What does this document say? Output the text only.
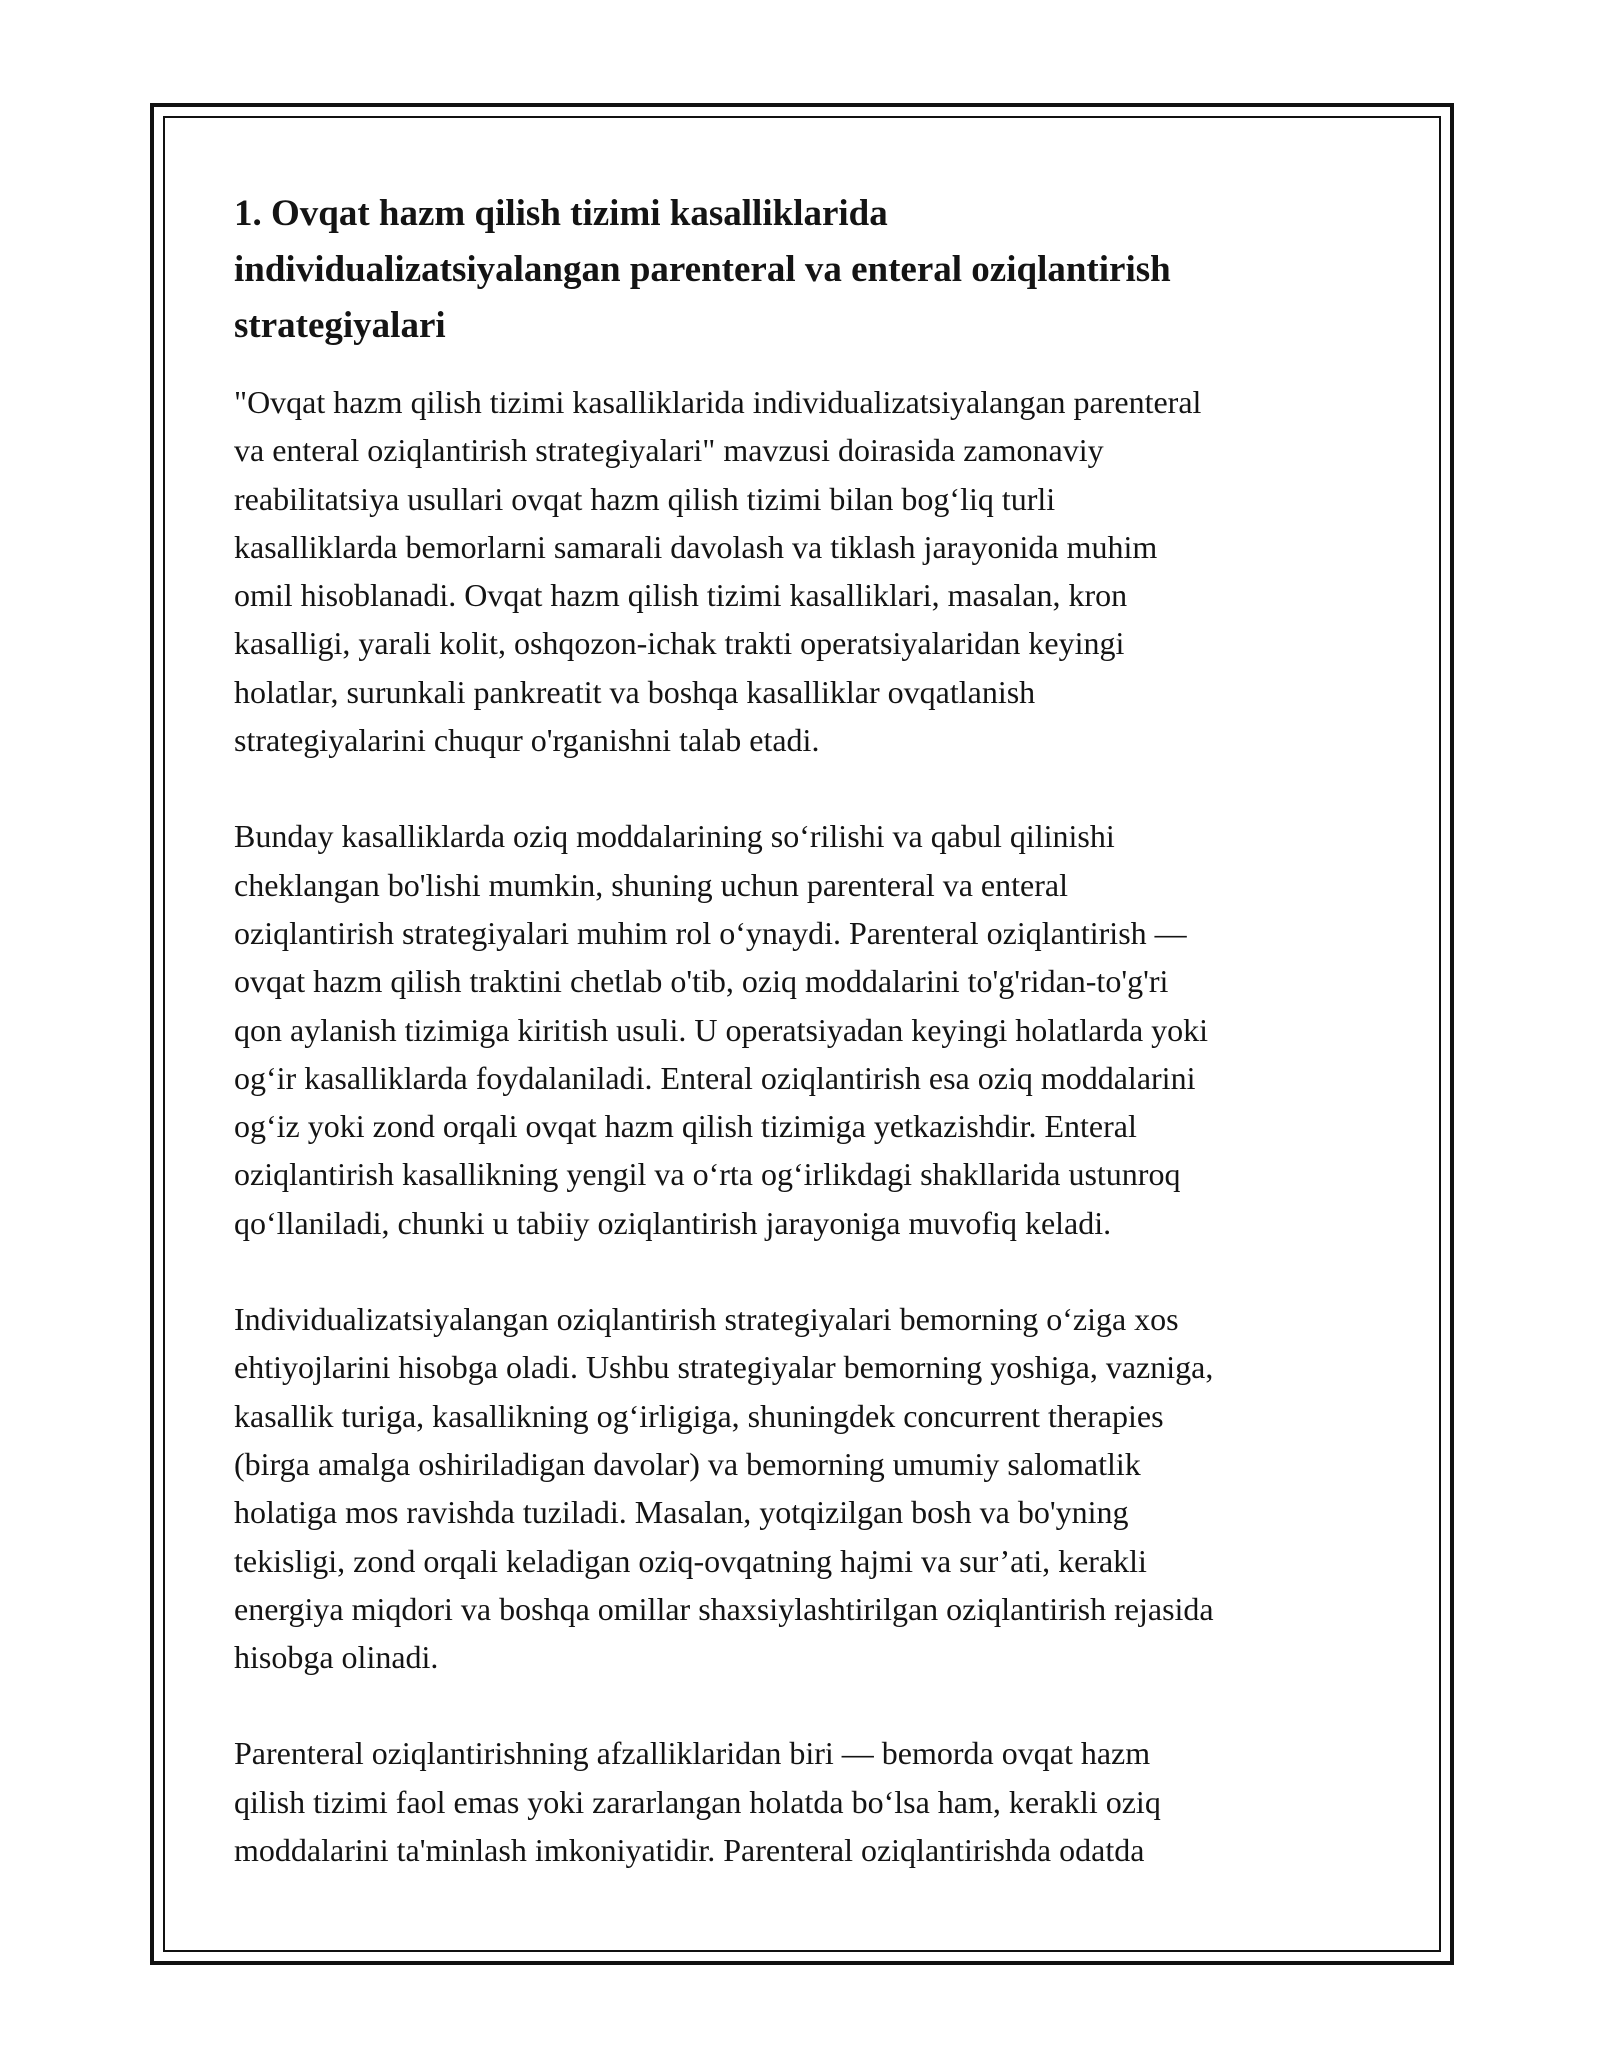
1. Ovqat hazm qilish tizimi kasalliklarida
individualizatsiyalangan parenteral va enteral oziqlantirish
strategiyalari

"Ovqat hazm qilish tizimi kasalliklarida individualizatsiyalangan parenteral
va enteral oziqlantirish strategiyalari" mavzusi doirasida zamonaviy
reabilitatsiya usullari ovqat hazm qilish tizimi bilan bog‘liq turli
kasalliklarda bemorlarni samarali davolash va tiklash jarayonida muhim
omil hisoblanadi. Ovqat hazm qilish tizimi kasalliklari, masalan, kron
kasalligi, yarali kolit, oshqozon-ichak trakti operatsiyalaridan keyingi
holatlar, surunkali pankreatit va boshqa kasalliklar ovqatlanish
strategiyalarini chuqur o'rganishni talab etadi.

Bunday kasalliklarda oziq moddalarining so‘rilishi va qabul qilinishi
cheklangan bo'lishi mumkin, shuning uchun parenteral va enteral
oziqlantirish strategiyalari muhim rol o‘ynaydi. Parenteral oziqlantirish —
ovqat hazm qilish traktini chetlab o'tib, oziq moddalarini to'g'ridan-to'g'ri
qon aylanish tizimiga kiritish usuli. U operatsiyadan keyingi holatlarda yoki
og‘ir kasalliklarda foydalaniladi. Enteral oziqlantirish esa oziq moddalarini
og‘iz yoki zond orqali ovqat hazm qilish tizimiga yetkazishdir. Enteral
oziqlantirish kasallikning yengil va o‘rta og‘irlikdagi shakllarida ustunroq
qo‘llaniladi, chunki u tabiiy oziqlantirish jarayoniga muvofiq keladi.

Individualizatsiyalangan oziqlantirish strategiyalari bemorning o‘ziga xos
ehtiyojlarini hisobga oladi. Ushbu strategiyalar bemorning yoshiga, vazniga,
kasallik turiga, kasallikning og‘irligiga, shuningdek concurrent therapies
(birga amalga oshiriladigan davolar) va bemorning umumiy salomatlik
holatiga mos ravishda tuziladi. Masalan, yotqizilgan bosh va bo'yning
tekisligi, zond orqali keladigan oziq-ovqatning hajmi va sur’ati, kerakli
energiya miqdori va boshqa omillar shaxsiylashtirilgan oziqlantirish rejasida
hisobga olinadi.

Parenteral oziqlantirishning afzalliklaridan biri — bemorda ovqat hazm
qilish tizimi faol emas yoki zararlangan holatda bo‘lsa ham, kerakli oziq
moddalarini ta'minlash imkoniyatidir. Parenteral oziqlantirishda odatda
